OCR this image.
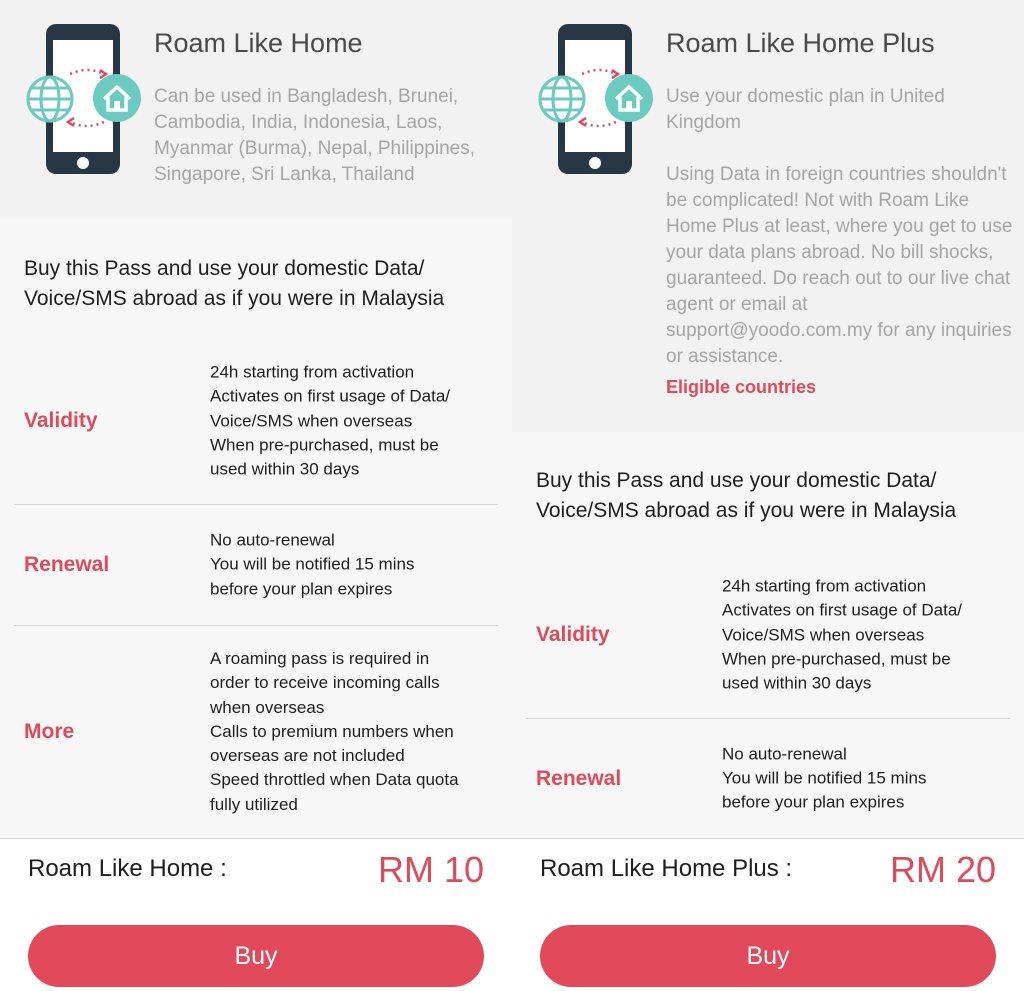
Roam Like Home

Can be used in Bangladesh, Brunei, Cambodia, India, Indonesia, Laos, Myanmar (Burma), Nepal, Philippines, Singapore, Sri Lanka, Thailand

Buy this Pass and use your domestic Data/ Voice/SMS abroad as if you were in Malaysia
Validity
24h starting from activation
Activates on first usage of Data/
Voice/SMS when overseas
When pre-purchased, must be
used within 30 days
Renewal
No auto-renewal
You will be notified 15 mins
before your plan expires
More
A roaming pass is required in
order to receive incoming calls
when overseas
Calls to premium numbers when
overseas are not included
Speed throttled when Data quota
fully utilized
Roam Like Home :	RM 10
Buy
Roam Like Home Plus

Use your domestic plan in United Kingdom

Using Data in foreign countries shouldn't be complicated! Not with Roam Like Home Plus at least, where you get to use your data plans abroad. No bill shocks, guaranteed. Do reach out to our live chat agent or email at support@yoodo.com.my for any inquiries or assistance.

Eligible countries
Buy this Pass and use your domestic Data/ Voice/SMS abroad as if you were in Malaysia
Validity
24h starting from activation
Activates on first usage of Data/
Voice/SMS when overseas
When pre-purchased, must be
used within 30 days
Renewal
No auto-renewal
You will be notified 15 mins
before your plan expires
Roam Like Home Plus :	RM 20
Buy
